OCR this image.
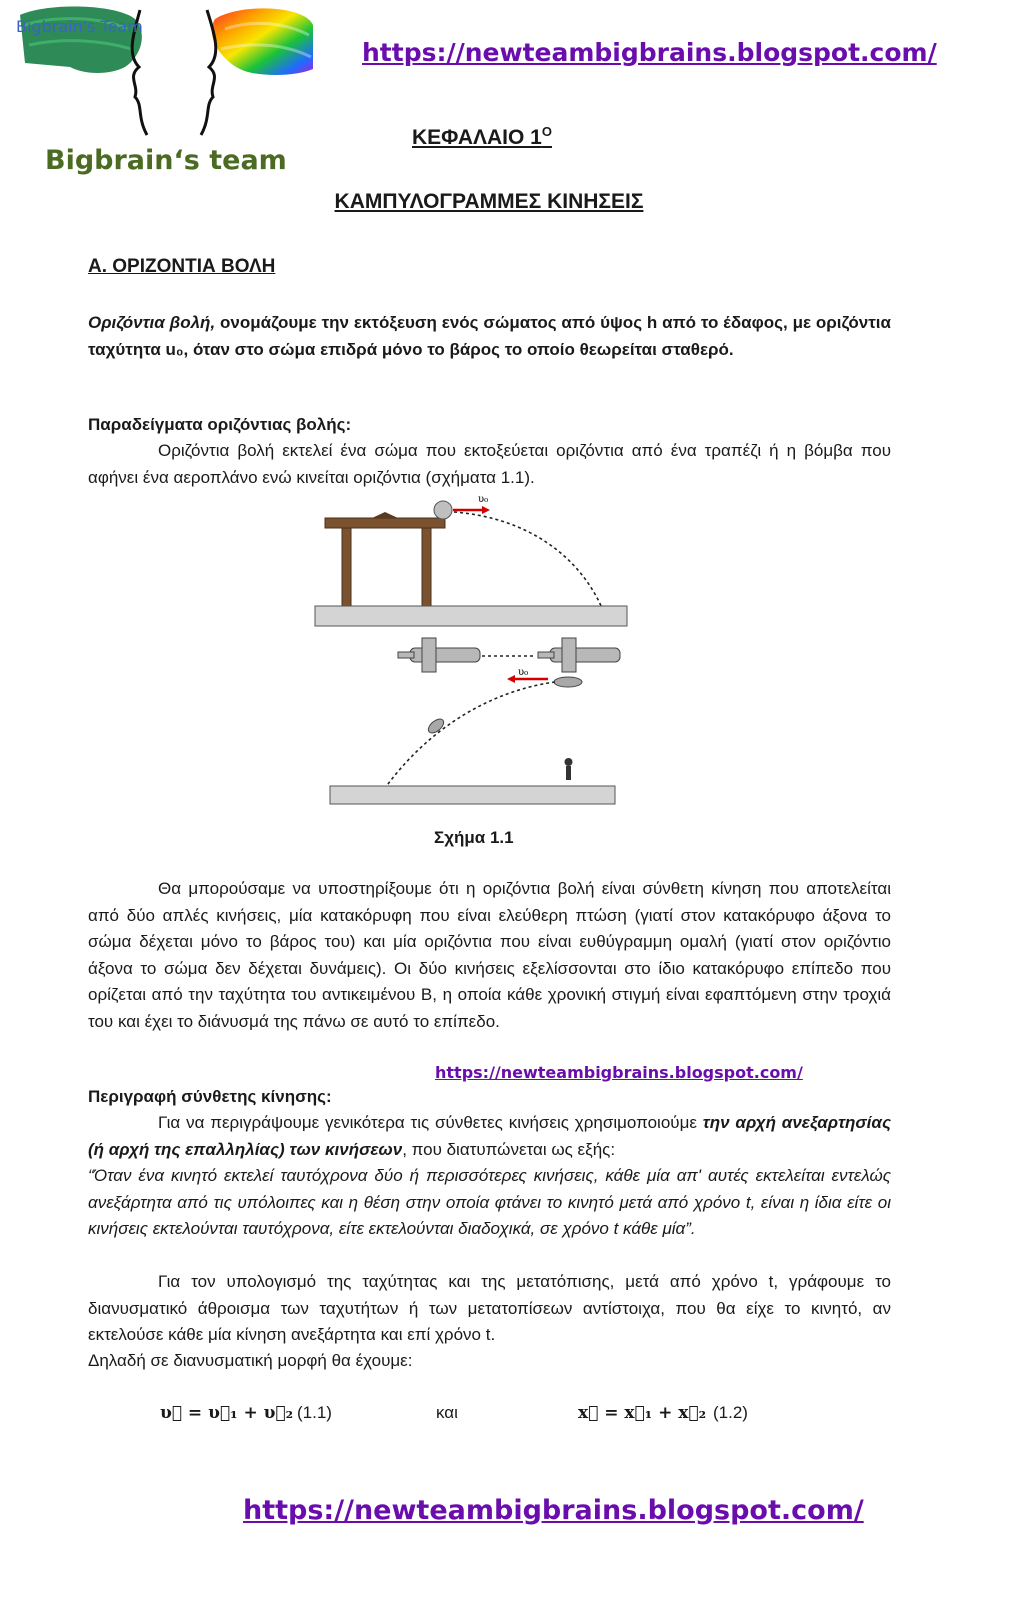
Bigbrain's Team
Bigbrain‘s team
https://newteambigbrains.blogspot.com/
ΚΕΦΑΛΑΙΟ $1^O$
ΚΑΜΠΥΛΟΓΡΑΜΜΕΣ ΚΙΝΗΣΕΙΣ
Α. ΟΡΙΖΟΝΤΙΑ ΒΟΛΗ
Οριζόντια βολή, ονομάζουμε την εκτόξευση ενός σώματος από ύψος h από το έδαφος, με οριζόντια ταχύτητα u₀, όταν στο σώμα επιδρά μόνο το βάρος το οποίο θεωρείται σταθερό.
Παραδείγματα οριζόντιας βολής:
Οριζόντια βολή εκτελεί ένα σώμα που εκτοξεύεται οριζόντια από ένα τραπέζι ή η βόμβα που αφήνει ένα αεροπλάνο ενώ κινείται οριζόντια (σχήματα 1.1).
υ₀
υ₀
Σχήμα 1.1
Θα μπορούσαμε να υποστηρίξουμε ότι η οριζόντια βολή είναι σύνθετη κίνηση που αποτελείται από δύο απλές κινήσεις, μία κατακόρυφη που είναι ελεύθερη πτώση (γιατί στον κατακόρυφο άξονα το σώμα δέχεται μόνο το βάρος του) και μία οριζόντια που είναι ευθύγραμμη ομαλή (γιατί στον οριζόντιο άξονα το σώμα δεν δέχεται δυνάμεις). Οι δύο κινήσεις εξελίσσονται στο ίδιο κατακόρυφο επίπεδο που ορίζεται από την ταχύτητα του αντικειμένου Β, η οποία κάθε χρονική στιγμή είναι εφαπτόμενη στην τροχιά του και έχει το διάνυσμά της πάνω σε αυτό το επίπεδο.
https://newteambigbrains.blogspot.com/
Περιγραφή σύνθετης κίνησης:
Για να περιγράψουμε γενικότερα τις σύνθετες κινήσεις χρησιμοποιούμε την αρχή ανεξαρτησίας (ή αρχή της επαλληλίας) των κινήσεων, που διατυπώνεται ως εξής:
“Όταν ένα κινητό εκτελεί ταυτόχρονα δύο ή περισσότερες κινήσεις, κάθε μία απ' αυτές εκτελείται εντελώς ανεξάρτητα από τις υπόλοιπες και η θέση στην οποία φτάνει το κινητό μετά από χρόνο t, είναι η ίδια είτε οι κινήσεις εκτελούνται ταυτόχρονα, είτε εκτελούνται διαδοχικά, σε χρόνο t κάθε μία”.
Για τον υπολογισμό της ταχύτητας και της μετατόπισης, μετά από χρόνο t, γράφουμε το διανυσματικό άθροισμα των ταχυτήτων ή των μετατοπίσεων αντίστοιχα, που θα είχε το κινητό, αν εκτελούσε κάθε μία κίνηση ανεξάρτητα και επί χρόνο t.
Δηλαδή σε διανυσματική μορφή θα έχουμε:
υ⃗ = υ⃗₁ + υ⃗₂ (1.1)	και	x⃗ = x⃗₁ + x⃗₂ (1.2)
https://newteambigbrains.blogspot.com/
